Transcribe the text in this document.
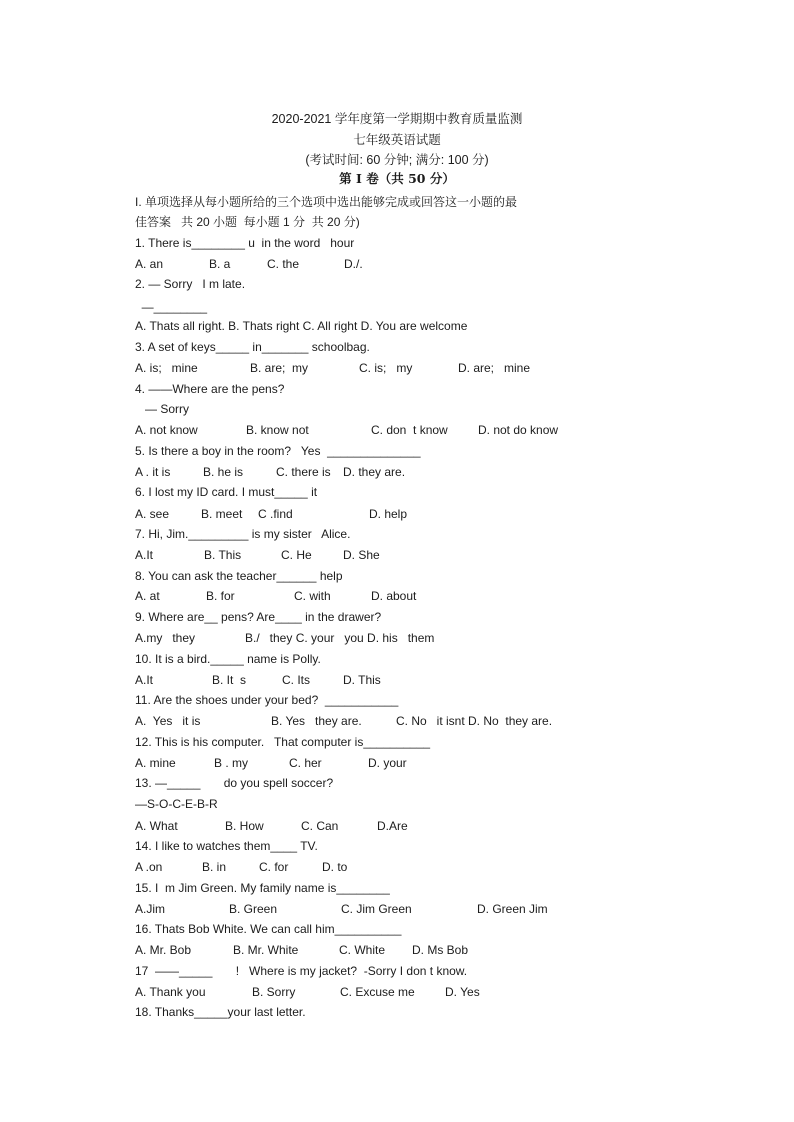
2020-2021 学年度第一学期期中教育质量监测
七年级英语试题
(考试时间: 60 分钟; 满分: 100 分)
第 I 卷（共 50 分）
I. 单项选择从每小题所给的三个选项中选出能够完成或回答这一小题的最
佳答案   共 20 小题  每小题 1 分  共 20 分)
1. There is________ u  in the word   hour
A. an	B. a	C. the	D./.
2. — Sorry   I m late.
—________
A. Thats all right. B. Thats right C. All right D. You are welcome
3. A set of keys_____ in_______ schoolbag.
A. is;   mine	B. are;  my	C. is;   my	D. are;   mine
4. ——Where are the pens?
— Sorry
A. not know	B. know not	C. don  t know	D. not do know
5. Is there a boy in the room?   Yes  ______________
A . it is	B. he is	C. there is D. they are.
6. I lost my ID card. I must_____ it
A. see	B. meet C .find	D. help
7. Hi, Jim._________ is my sister   Alice.
A.It	B. This	C. He	D. She
8. You can ask the teacher______ help
A. at	B. for	C. with	D. about
9. Where are__ pens? Are____ in the drawer?
A.my   they	B./   they C. your   you D. his   them
10. It is a bird._____ name is Polly.
A.It	B. It  s	C. Its	D. This
11. Are the shoes under your bed?  ___________
A.  Yes   it is	B. Yes   they are.	C. No   it isnt D. No  they are.
12. This is his computer.   That computer is__________
A. mine	B . my	C. her	D. your
13. —_____       do you spell soccer?
—S-O-C-E-B-R
A. What	B. How	C. Can	D.Are
14. I like to watches them____ TV.
A .on	B. in	C. for	D. to
15. I  m Jim Green. My family name is________
A.Jim	B. Green	C. Jim Green	D. Green Jim
16. Thats Bob White. We can call him__________
A. Mr. Bob	B. Mr. White	C. White D. Ms Bob
17  ——_____       !   Where is my jacket?  -Sorry I don t know.
A. Thank you	B. Sorry	C. Excuse me	D. Yes
18. Thanks_____your last letter.
